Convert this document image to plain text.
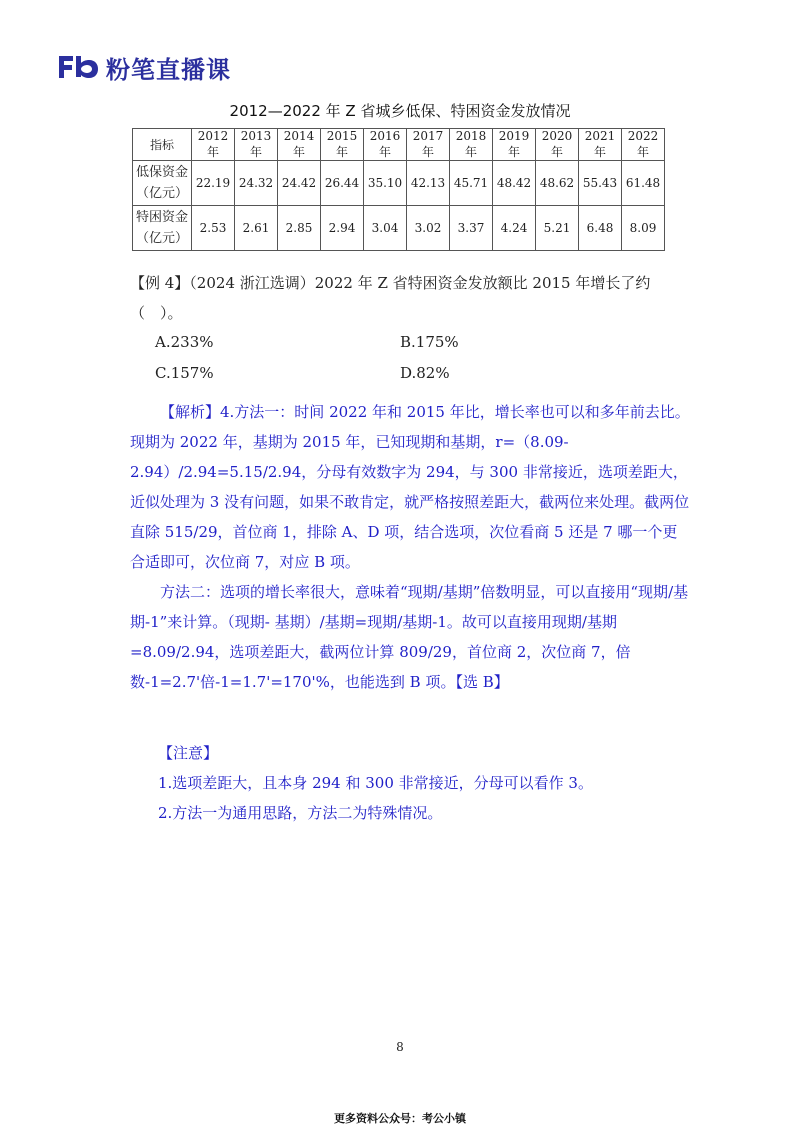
粉笔直播课
2012—2022 年 Z 省城乡低保、特困资金发放情况
指标	2012 年	2013 年	2014 年	2015 年	2016 年	2017 年	2018 年	2019 年	2020 年	2021 年	2022 年

低保资金
（亿元）	22.19	24.32	24.42	26.44	35.10	42.13	45.71	48.42	48.62	55.43	61.48

特困资金
（亿元）	2.53	2.61	2.85	2.94	3.04	3.02	3.37	4.24	5.21	6.48	8.09

【例 4】（2024 浙江选调）2022 年 Z 省特困资金发放额比 2015 年增长了约（　）。

A.233%	B.175%
C.157%	D.82%

【解析】4.方法一：时间 2022 年和 2015 年比，增长率也可以和多年前去比。现期为 2022 年，基期为 2015 年，已知现期和基期，r=（8.09-2.94）/2.94=5.15/2.94，分母有效数字为 294，与 300 非常接近，选项差距大，近似处理为 3 没有问题，如果不敢肯定，就严格按照差距大，截两位来处理。截两位直除 515/29，首位商 1，排除 A、D 项，结合选项，次位看商 5 还是 7 哪一个更合适即可，次位商 7，对应 B 项。

方法二：选项的增长率很大，意味着“现期/基期”倍数明显，可以直接用“现期/基期-1”来计算。（现期- 基期）/基期=现期/基期-1。故可以直接用现期/基期=8.09/2.94，选项差距大，截两位计算 809/29，首位商 2，次位商 7，倍数-1=2.7'倍-1=1.7'=170'%，也能选到 B 项。【选 B】

【注意】

1.选项差距大，且本身 294 和 300 非常接近，分母可以看作 3。

2.方法一为通用思路，方法二为特殊情况。

8
更多资料公众号：考公小镇
